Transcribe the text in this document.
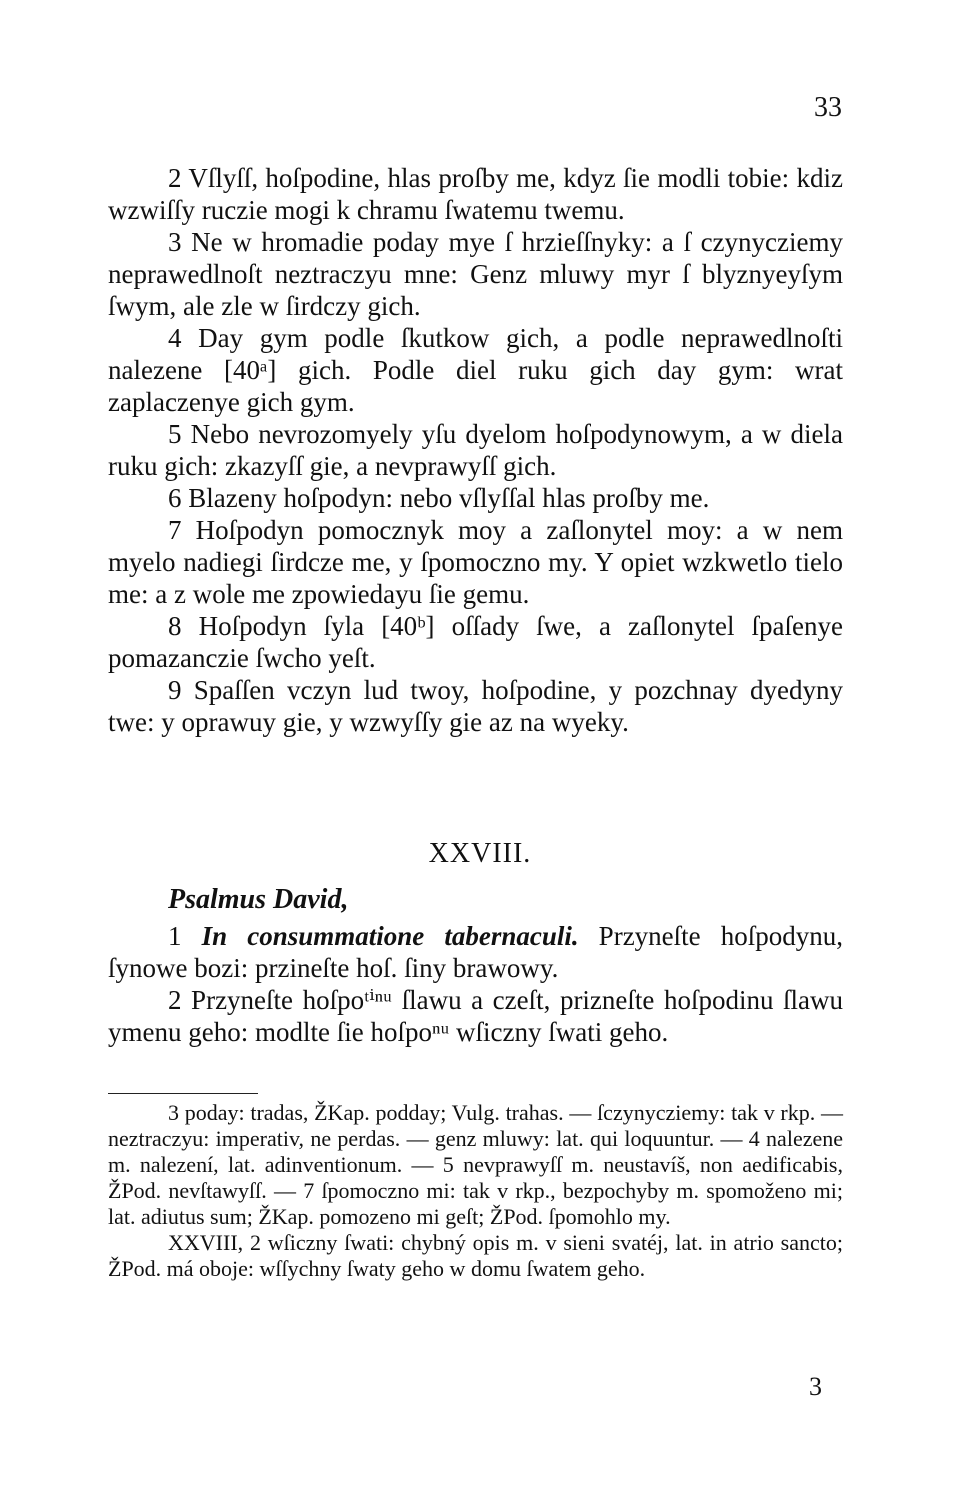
33

2 Vſlyſſ, hoſpodine, hlas proſby me, kdyz ſie modli tobie: kdiz wzwiſſy ruczie mogi k chramu ſwatemu twemu.

3 Ne w hromadie poday mye ſ hrzieſſnyky: a ſ czynycziemy neprawedlnoſt neztraczyu mne: Genz mluwy myr ſ blyznyeyſym ſwym, ale zle w ſirdczy gich.

4 Day gym podle ſkutkow gich, a podle neprawedlnoſti nalezene [40ᵃ] gich. Podle diel ruku gich day gym: wrat zaplaczenye gich gym.

5 Nebo nevrozomyely yſu dyelom hoſpodynowym, a w diela ruku gich: zkazyſſ gie, a nevprawyſſ gich.

6 Blazeny hoſpodyn: nebo vſlyſſal hlas proſby me.

7 Hoſpodyn pomocznyk moy a zaſlonytel moy: a w nem myelo nadiegi ſirdcze me, y ſpomoczno my. Y opiet wzkwetlo tielo me: a z wole me zpowiedayu ſie gemu.

8 Hoſpodyn ſyla [40ᵇ] oſſady ſwe, a zaſlonytel ſpaſenye pomazanczie ſwcho yeſt.

9 Spaſſen vczyn lud twoy, hoſpodine, y pozchnay dyedyny twe: y oprawuy gie, y wzwyſſy gie az na wyeky.

XXVIII.

Psalmus David,

1 In consummatione tabernaculi. Przyneſte hoſpodynu, ſynowe bozi: przineſte hoſ. ſiny brawowy.

2 Przyneſte hoſpoᵗⁱⁿᵘ ſlawu a czeſt, prizneſte hoſpodinu ſlawu ymenu geho: modlte ſie hoſpoⁿᵘ wſiczny ſwati geho.

3 poday: tradas, ŽKap. podday; Vulg. trahas. — ſczynycziemy: tak v rkp. — neztraczyu: imperativ, ne perdas. — genz mluwy: lat. qui loquuntur. — 4 nalezene m. nalezení, lat. adinventionum. — 5 nevprawyſſ m. neustavíš, non aedificabis, ŽPod. nevſtawyſſ. — 7 ſpomoczno mi: tak v rkp., bezpochyby m. spomoženo mi; lat. adiutus sum; ŽKap. pomozeno mi geſt; ŽPod. ſpomohlo my.

XXVIII, 2 wſiczny ſwati: chybný opis m. v sieni svatéj, lat. in atrio sancto; ŽPod. má oboje: wſſychny ſwaty geho w domu ſwatem geho.

3
